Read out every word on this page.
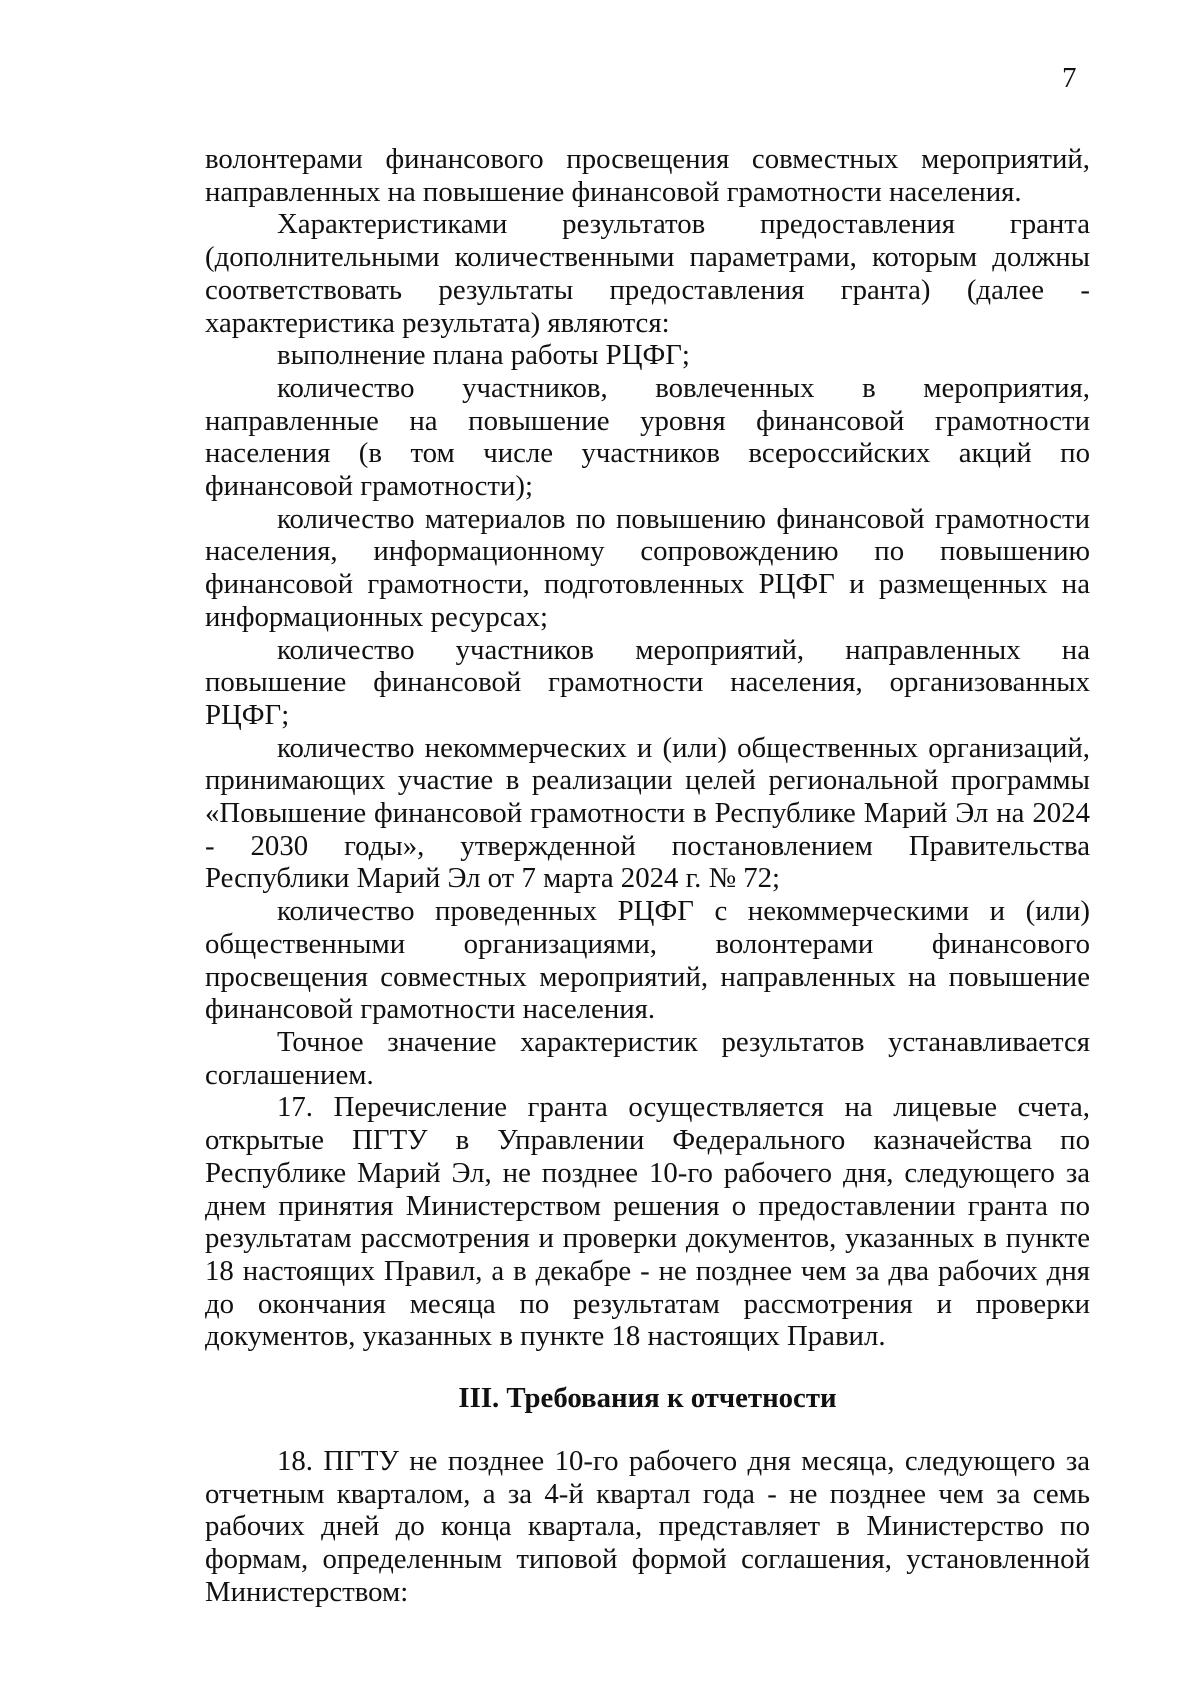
7

волонтерами финансового просвещения совместных мероприятий, направленных на повышение финансовой грамотности населения.

Характеристиками результатов предоставления гранта (дополнительными количественными параметрами, которым должны соответствовать результаты предоставления гранта) (далее - характеристика результата) являются:

выполнение плана работы РЦФГ;

количество участников, вовлеченных в мероприятия, направленные на повышение уровня финансовой грамотности населения (в том числе участников всероссийских акций по финансовой грамотности);

количество материалов по повышению финансовой грамотности населения, информационному сопровождению по повышению финансовой грамотности, подготовленных РЦФГ и размещенных на информационных ресурсах;

количество участников мероприятий, направленных на повышение финансовой грамотности населения, организованных РЦФГ;

количество некоммерческих и (или) общественных организаций, принимающих участие в реализации целей региональной программы «Повышение финансовой грамотности в Республике Марий Эл на 2024 - 2030 годы», утвержденной постановлением Правительства Республики Марий Эл от 7 марта 2024 г. № 72;

количество проведенных РЦФГ с некоммерческими и (или) общественными организациями, волонтерами финансового просвещения совместных мероприятий, направленных на повышение финансовой грамотности населения.

Точное значение характеристик результатов устанавливается соглашением.

17. Перечисление гранта осуществляется на лицевые счета, открытые ПГТУ в Управлении Федерального казначейства по Республике Марий Эл, не позднее 10-го рабочего дня, следующего за днем принятия Министерством решения о предоставлении гранта по результатам рассмотрения и проверки документов, указанных в пункте 18 настоящих Правил, а в декабре - не позднее чем за два рабочих дня до окончания месяца по результатам рассмотрения и проверки документов, указанных в пункте 18 настоящих Правил.

III. Требования к отчетности

18. ПГТУ не позднее 10-го рабочего дня месяца, следующего за отчетным кварталом, а за 4-й квартал года - не позднее чем за семь рабочих дней до конца квартала, представляет в Министерство по формам, определенным типовой формой соглашения, установленной Министерством:
